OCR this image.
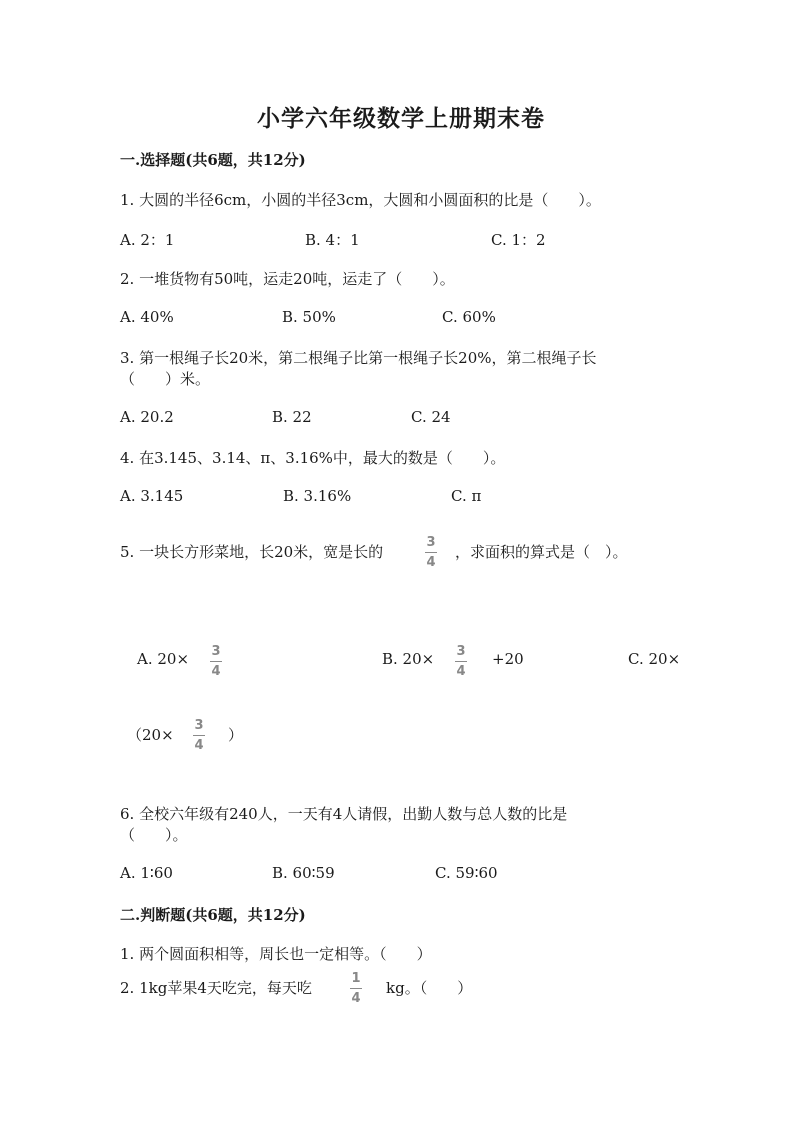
小学六年级数学上册期末卷
一.选择题(共6题，共12分)
1. 大圆的半径6cm，小圆的半径3cm，大圆和小圆面积的比是（　　）。
A. 2：1	B. 4：1	C. 1：2
2. 一堆货物有50吨，运走20吨，运走了（　　）。
A. 40%	B. 50%	C. 60%
3. 第一根绳子长20米，第二根绳子比第一根绳子长20%，第二根绳子长
（　　）米。
A. 20.2	B. 22	C. 24
4. 在3.145、3.14、π、3.16%中，最大的数是（　　）。
A. 3.145	B. 3.16%	C. π
5. 一块长方形菜地，长20米，宽是长的
3
4
，求面积的算式是（　）。
A. 20× 3
4
B. 20× 3
4
+20	C. 20×
（20×
3
4
）
6. 全校六年级有240人，一天有4人请假，出勤人数与总人数的比是
（　　）。
A. 1∶60	B. 60∶59	C. 59∶60
二.判断题(共6题，共12分)
1. 两个圆面积相等，周长也一定相等。（　　）
2. 1kg苹果4天吃完，每天吃
1
4
kg。（　　）
